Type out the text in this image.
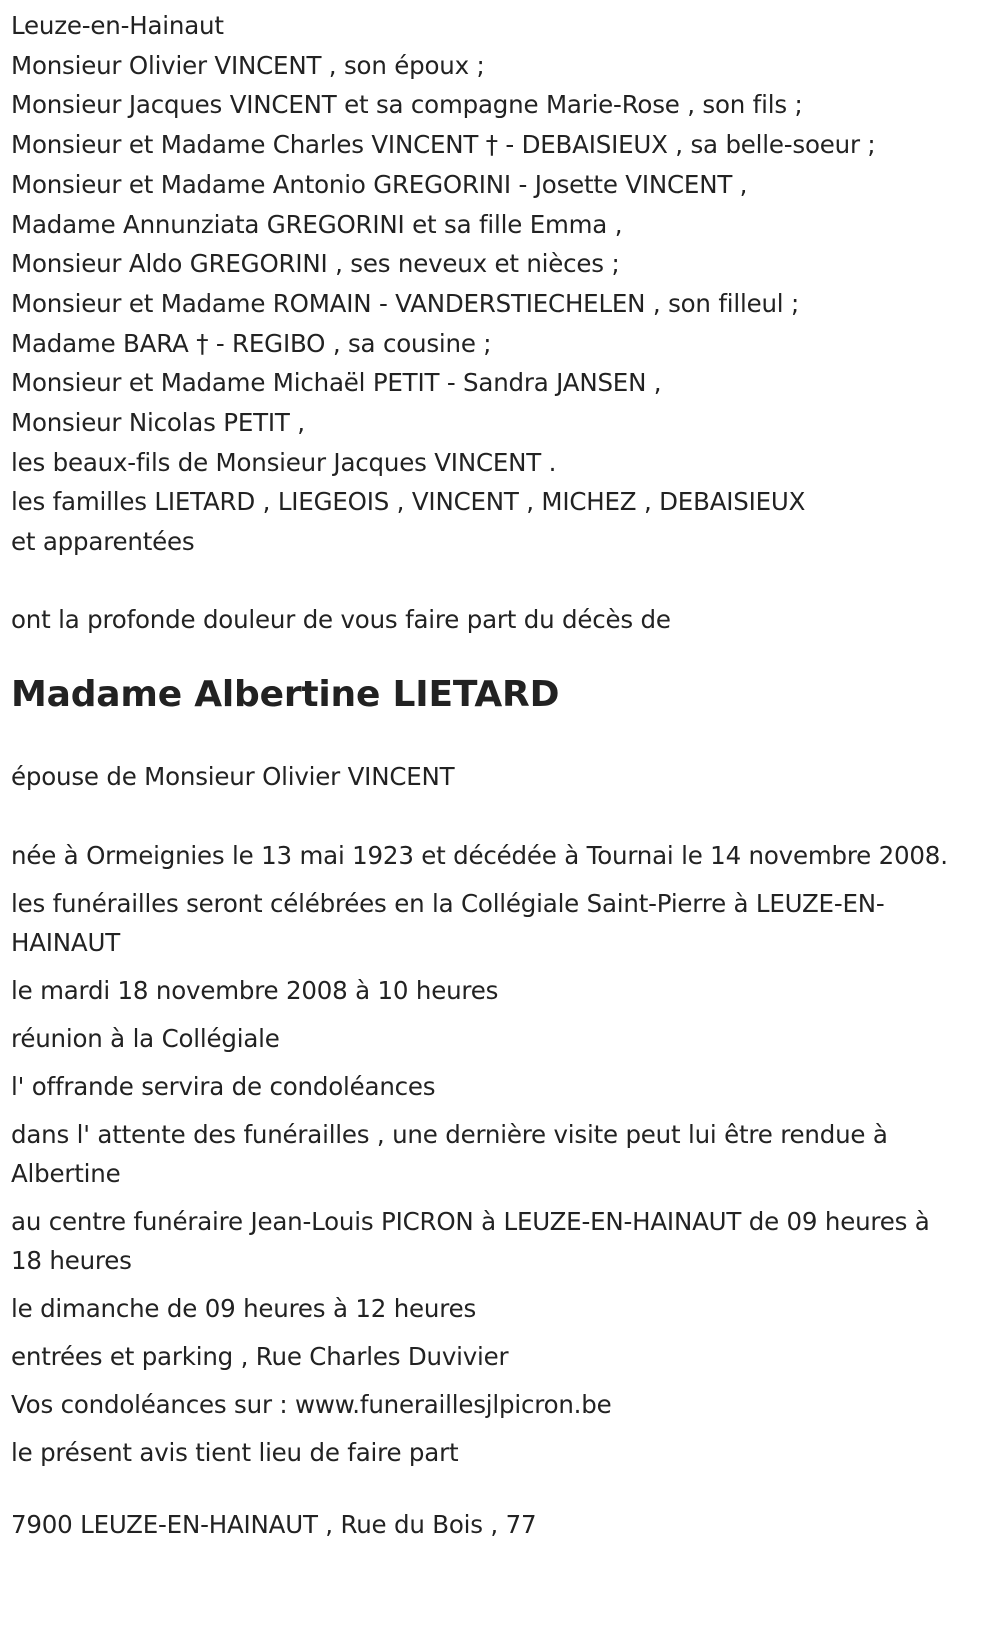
Leuze-en-Hainaut
Monsieur Olivier VINCENT , son époux ;
Monsieur Jacques VINCENT et sa compagne Marie-Rose , son fils ;
Monsieur et Madame Charles VINCENT † - DEBAISIEUX , sa belle-soeur ;
Monsieur et Madame Antonio GREGORINI - Josette VINCENT ,
Madame Annunziata GREGORINI et sa fille Emma ,
Monsieur Aldo GREGORINI , ses neveux et nièces ;
Monsieur et Madame ROMAIN - VANDERSTIECHELEN , son filleul ;
Madame BARA † - REGIBO , sa cousine ;
Monsieur et Madame Michaël PETIT - Sandra JANSEN ,
Monsieur Nicolas PETIT ,
les beaux-fils de Monsieur Jacques VINCENT .
les familles LIETARD , LIEGEOIS , VINCENT , MICHEZ , DEBAISIEUX
et apparentées
ont la profonde douleur de vous faire part du décès de
Madame Albertine LIETARD
épouse de Monsieur Olivier VINCENT
née à Ormeignies le 13 mai 1923 et décédée à Tournai le 14 novembre 2008.
les funérailles seront célébrées en la Collégiale Saint-Pierre à LEUZE-EN-HAINAUT
le mardi 18 novembre 2008 à 10 heures
réunion à la Collégiale
l' offrande servira de condoléances
dans l' attente des funérailles , une dernière visite peut lui être rendue à Albertine
au centre funéraire Jean-Louis PICRON à LEUZE-EN-HAINAUT de 09 heures à 18 heures
le dimanche de 09 heures à 12 heures
entrées et parking , Rue Charles Duvivier
Vos condoléances sur : www.funeraillesjlpicron.be
le présent avis tient lieu de faire part
7900 LEUZE-EN-HAINAUT , Rue du Bois , 77
